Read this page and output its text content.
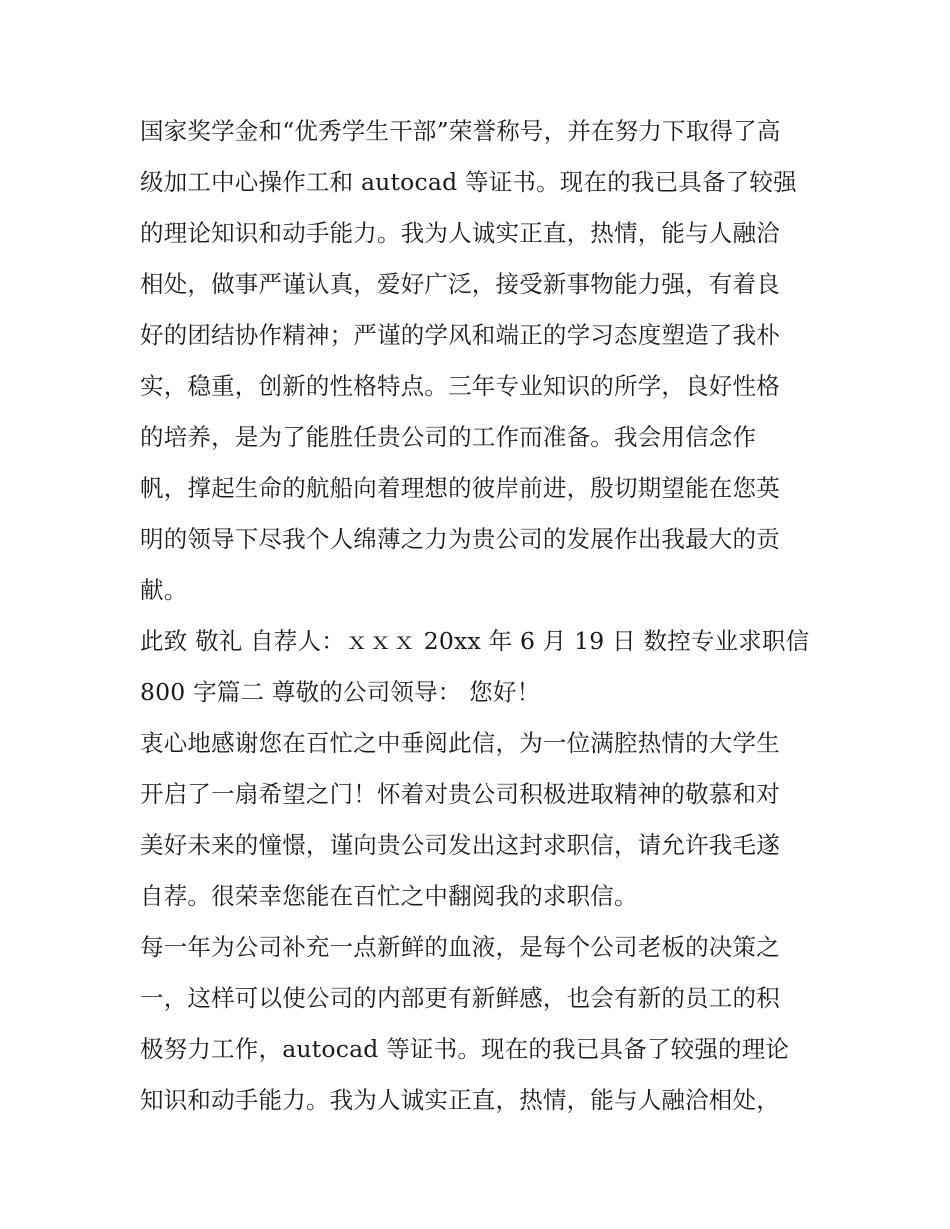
国家奖学金和“优秀学生干部”荣誉称号，并在努力下取得了高
级加工中心操作工和 autocad 等证书。现在的我已具备了较强
的理论知识和动手能力。我为人诚实正直，热情，能与人融洽
相处，做事严谨认真，爱好广泛，接受新事物能力强，有着良
好的团结协作精神；严谨的学风和端正的学习态度塑造了我朴
实，稳重，创新的性格特点。三年专业知识的所学，良好性格
的培养，是为了能胜任贵公司的工作而准备。我会用信念作
帆，撑起生命的航船向着理想的彼岸前进，殷切期望能在您英
明的领导下尽我个人绵薄之力为贵公司的发展作出我最大的贡
献。

此致 敬礼 自荐人：ｘｘｘ 20xx 年 6 月 19 日 数控专业求职信
800 字篇二 尊敬的公司领导： 您好！

衷心地感谢您在百忙之中垂阅此信，为一位满腔热情的大学生
开启了一扇希望之门！怀着对贵公司积极进取精神的敬慕和对
美好未来的憧憬，谨向贵公司发出这封求职信，请允许我毛遂
自荐。很荣幸您能在百忙之中翻阅我的求职信。

每一年为公司补充一点新鲜的血液，是每个公司老板的决策之
一，这样可以使公司的内部更有新鲜感，也会有新的员工的积
极努力工作，autocad 等证书。现在的我已具备了较强的理论
知识和动手能力。我为人诚实正直，热情，能与人融洽相处，
